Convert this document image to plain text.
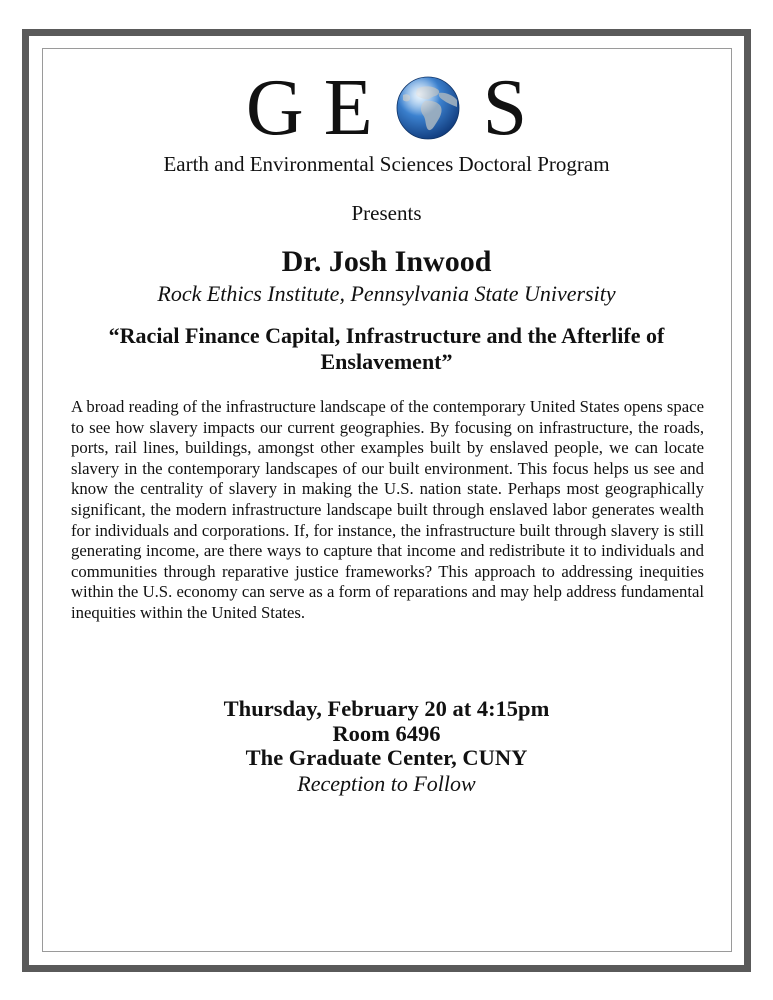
G E S
Earth and Environmental Sciences Doctoral Program
Presents
Dr. Josh Inwood
Rock Ethics Institute, Pennsylvania State University
“Racial Finance Capital, Infrastructure and the Afterlife of Enslavement”
A broad reading of the infrastructure landscape of the contemporary United States opens space to see how slavery impacts our current geographies. By focusing on infrastructure, the roads, ports, rail lines, buildings, amongst other examples built by enslaved people, we can locate slavery in the contemporary landscapes of our built environment. This focus helps us see and know the centrality of slavery in making the U.S. nation state. Perhaps most geographically significant, the modern infrastructure landscape built through enslaved labor generates wealth for individuals and corporations. If, for instance, the infrastructure built through slavery is still generating income, are there ways to capture that income and redistribute it to individuals and communities through reparative justice frameworks? This approach to addressing inequities within the U.S. economy can serve as a form of reparations and may help address fundamental inequities within the United States.
Thursday, February 20 at 4:15pm
Room 6496
The Graduate Center, CUNY
Reception to Follow
